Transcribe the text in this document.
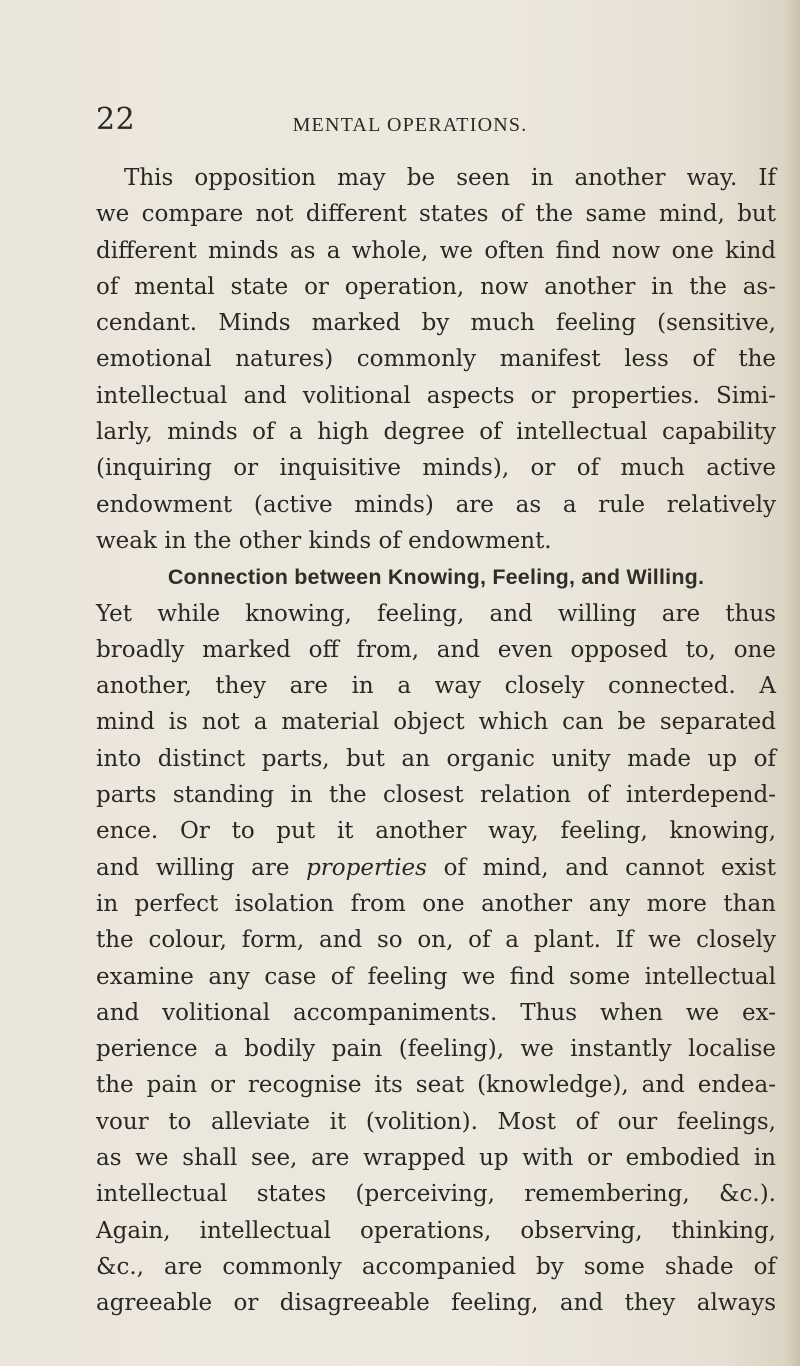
22	MENTAL OPERATIONS.
This opposition may be seen in another way. If
we compare not different states of the same mind, but
different minds as a whole, we often find now one kind
of mental state or operation, now another in the as-
cendant. Minds marked by much feeling (sensitive,
emotional natures) commonly manifest less of the
intellectual and volitional aspects or properties. Simi-
larly, minds of a high degree of intellectual capability
(inquiring or inquisitive minds), or of much active
endowment (active minds) are as a rule relatively
weak in the other kinds of endowment.
Connection between Knowing, Feeling, and Willing.
Yet while knowing, feeling, and willing are thus
broadly marked off from, and even opposed to, one
another, they are in a way closely connected. A
mind is not a material object which can be separated
into distinct parts, but an organic unity made up of
parts standing in the closest relation of interdepend-
ence. Or to put it another way, feeling, knowing,
and willing are properties of mind, and cannot exist
in perfect isolation from one another any more than
the colour, form, and so on, of a plant. If we closely
examine any case of feeling we find some intellectual
and volitional accompaniments. Thus when we ex-
perience a bodily pain (feeling), we instantly localise
the pain or recognise its seat (knowledge), and endea-
vour to alleviate it (volition). Most of our feelings,
as we shall see, are wrapped up with or embodied in
intellectual states (perceiving, remembering, &c.).
Again, intellectual operations, observing, thinking,
&c., are commonly accompanied by some shade of
agreeable or disagreeable feeling, and they always
